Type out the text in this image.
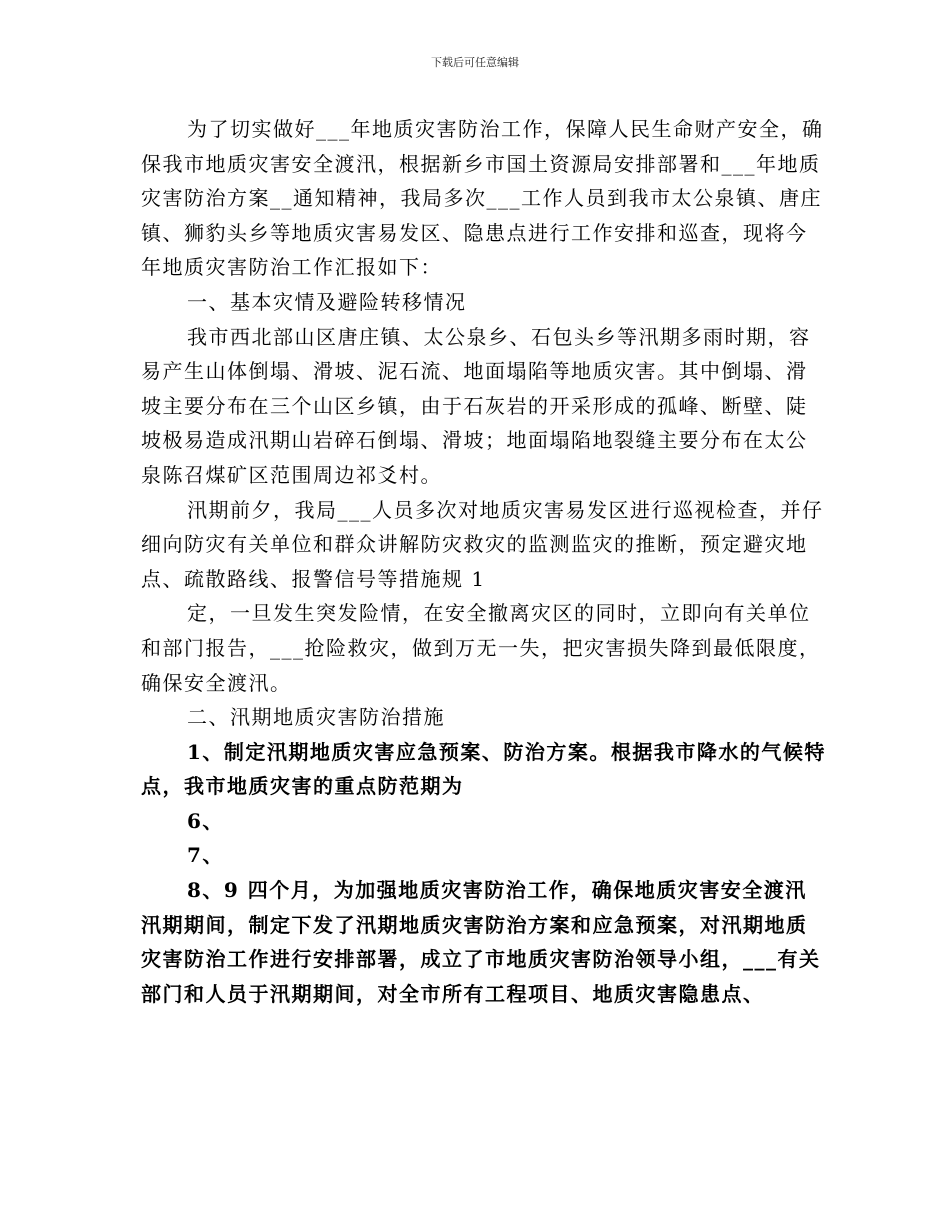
下载后可任意编辑

为了切实做好___年地质灾害防治工作，保障人民生命财产安全，确保我市地质灾害安全渡汛，根据新乡市国土资源局安排部署和___年地质灾害防治方案__通知精神，我局多次___工作人员到我市太公泉镇、唐庄镇、狮豹头乡等地质灾害易发区、隐患点进行工作安排和巡查，现将今年地质灾害防治工作汇报如下：

一、基本灾情及避险转移情况

我市西北部山区唐庄镇、太公泉乡、石包头乡等汛期多雨时期，容易产生山体倒塌、滑坡、泥石流、地面塌陷等地质灾害。其中倒塌、滑坡主要分布在三个山区乡镇，由于石灰岩的开采形成的孤峰、断壁、陡坡极易造成汛期山岩碎石倒塌、滑坡；地面塌陷地裂缝主要分布在太公泉陈召煤矿区范围周边祁爻村。

汛期前夕，我局___人员多次对地质灾害易发区进行巡视检查，并仔细向防灾有关单位和群众讲解防灾救灾的监测监灾的推断，预定避灾地点、疏散路线、报警信号等措施规 1

定，一旦发生突发险情，在安全撤离灾区的同时，立即向有关单位和部门报告，___抢险救灾，做到万无一失，把灾害损失降到最低限度，确保安全渡汛。

二、汛期地质灾害防治措施

1、制定汛期地质灾害应急预案、防治方案。根据我市降水的气候特点，我市地质灾害的重点防范期为

6、

7、

8、9 四个月，为加强地质灾害防治工作，确保地质灾害安全渡汛汛期期间，制定下发了汛期地质灾害防治方案和应急预案，对汛期地质灾害防治工作进行安排部署，成立了市地质灾害防治领导小组，___有关部门和人员于汛期期间，对全市所有工程项目、地质灾害隐患点、
